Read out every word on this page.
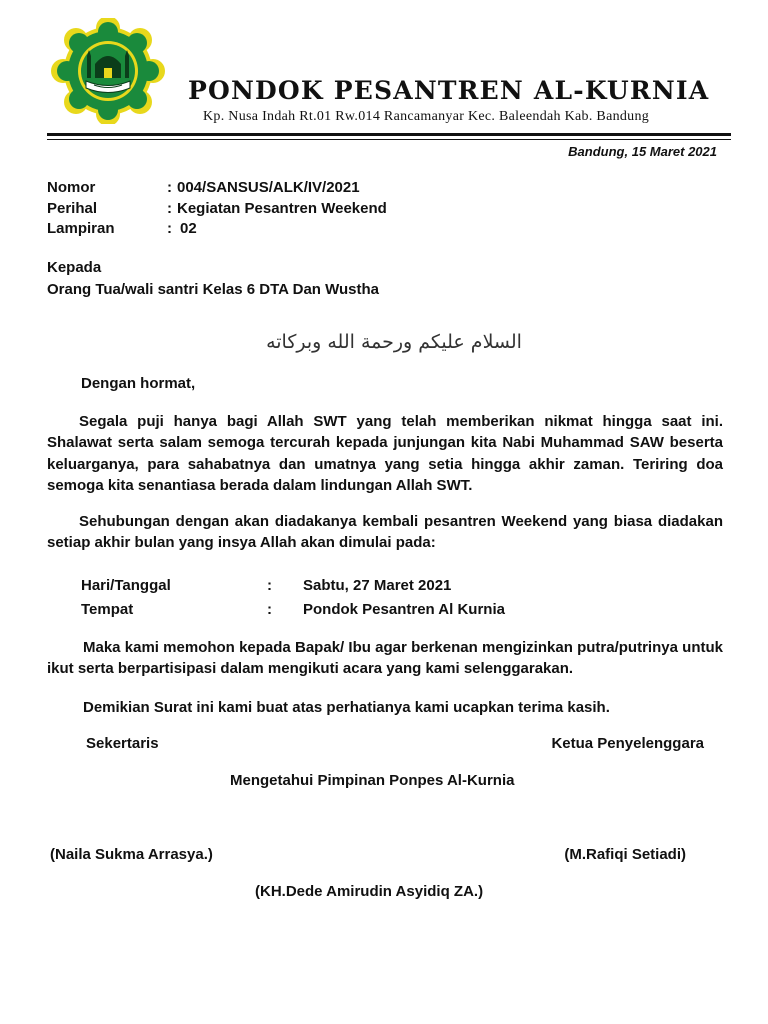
PONDOK PESANTREN AL-KURNIA
Kp. Nusa Indah Rt.01 Rw.014 Rancamanyar Kec. Baleendah Kab. Bandung
Bandung, 15 Maret 2021
Nomor	: 004/SANSUS/ALK/IV/2021
Perihal	: Kegiatan Pesantren Weekend
Lampiran	: 02
Kepada
Orang Tua/wali santri Kelas 6 DTA Dan Wustha
السلام عليكم ورحمة الله وبركاته
Dengan hormat,
Segala puji hanya bagi Allah SWT yang telah memberikan nikmat hingga saat ini. Shalawat serta salam semoga tercurah kepada junjungan kita Nabi Muhammad SAW beserta keluarganya, para sahabatnya dan umatnya yang setia hingga akhir zaman. Teriring doa semoga kita senantiasa berada dalam lindungan Allah SWT.
Sehubungan dengan akan diadakanya kembali pesantren Weekend yang biasa diadakan setiap akhir bulan yang insya Allah akan dimulai pada:
Hari/Tanggal	:	Sabtu, 27 Maret 2021
Tempat	:	Pondok Pesantren Al Kurnia
Maka kami memohon kepada Bapak/ Ibu agar berkenan mengizinkan putra/putrinya untuk ikut serta berpartisipasi dalam mengikuti acara yang kami selenggarakan.
Demikian Surat ini kami buat atas perhatianya kami ucapkan terima kasih.
Sekertaris	Ketua Penyelenggara
Mengetahui Pimpinan Ponpes Al-Kurnia
(Naila Sukma Arrasya.)	(M.Rafiqi Setiadi)
(KH.Dede Amirudin Asyidiq ZA.)
